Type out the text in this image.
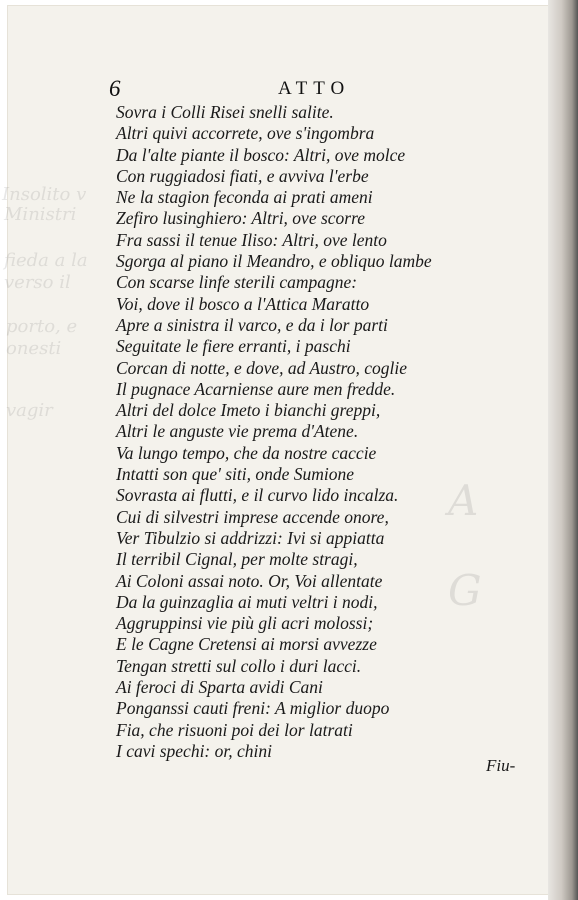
Insolito v
Ministri
fieda a la
verso il
porto, e
onesti
vagir
A
G
6	ATTO
Sovra i Colli Risei snelli salite.
Altri quivi accorrete, ove s'ingombra
Da l'alte piante il bosco: Altri, ove molce
Con ruggiadosi fiati, e avviva l'erbe
Ne la stagion feconda ai prati ameni
Zefiro lusinghiero: Altri, ove scorre
Fra sassi il tenue Iliso: Altri, ove lento
Sgorga al piano il Meandro, e obliquo lambe
Con scarse linfe sterili campagne:
Voi, dove il bosco a l'Attica Maratto
Apre a sinistra il varco, e da i lor parti
Seguitate le fiere erranti, i paschi
Corcan di notte, e dove, ad Austro, coglie
Il pugnace Acarniense aure men fredde.
Altri del dolce Imeto i bianchi greppi,
Altri le anguste vie prema d'Atene.
Va lungo tempo, che da nostre caccie
Intatti son que' siti, onde Sumione
Sovrasta ai flutti, e il curvo lido incalza.
Cui di silvestri imprese accende onore,
Ver Tibulzio si addrizzi: Ivi si appiatta
Il terribil Cignal, per molte stragi,
Ai Coloni assai noto. Or, Voi allentate
Da la guinzaglia ai muti veltri i nodi,
Aggruppinsi vie più gli acri molossi;
E le Cagne Cretensi ai morsi avvezze
Tengan stretti sul collo i duri lacci.
Ai feroci di Sparta avidi Cani
Ponganssi cauti freni: A miglior duopo
Fia, che risuoni poi dei lor latrati
I cavi spechi: or, chini
Fiu-
